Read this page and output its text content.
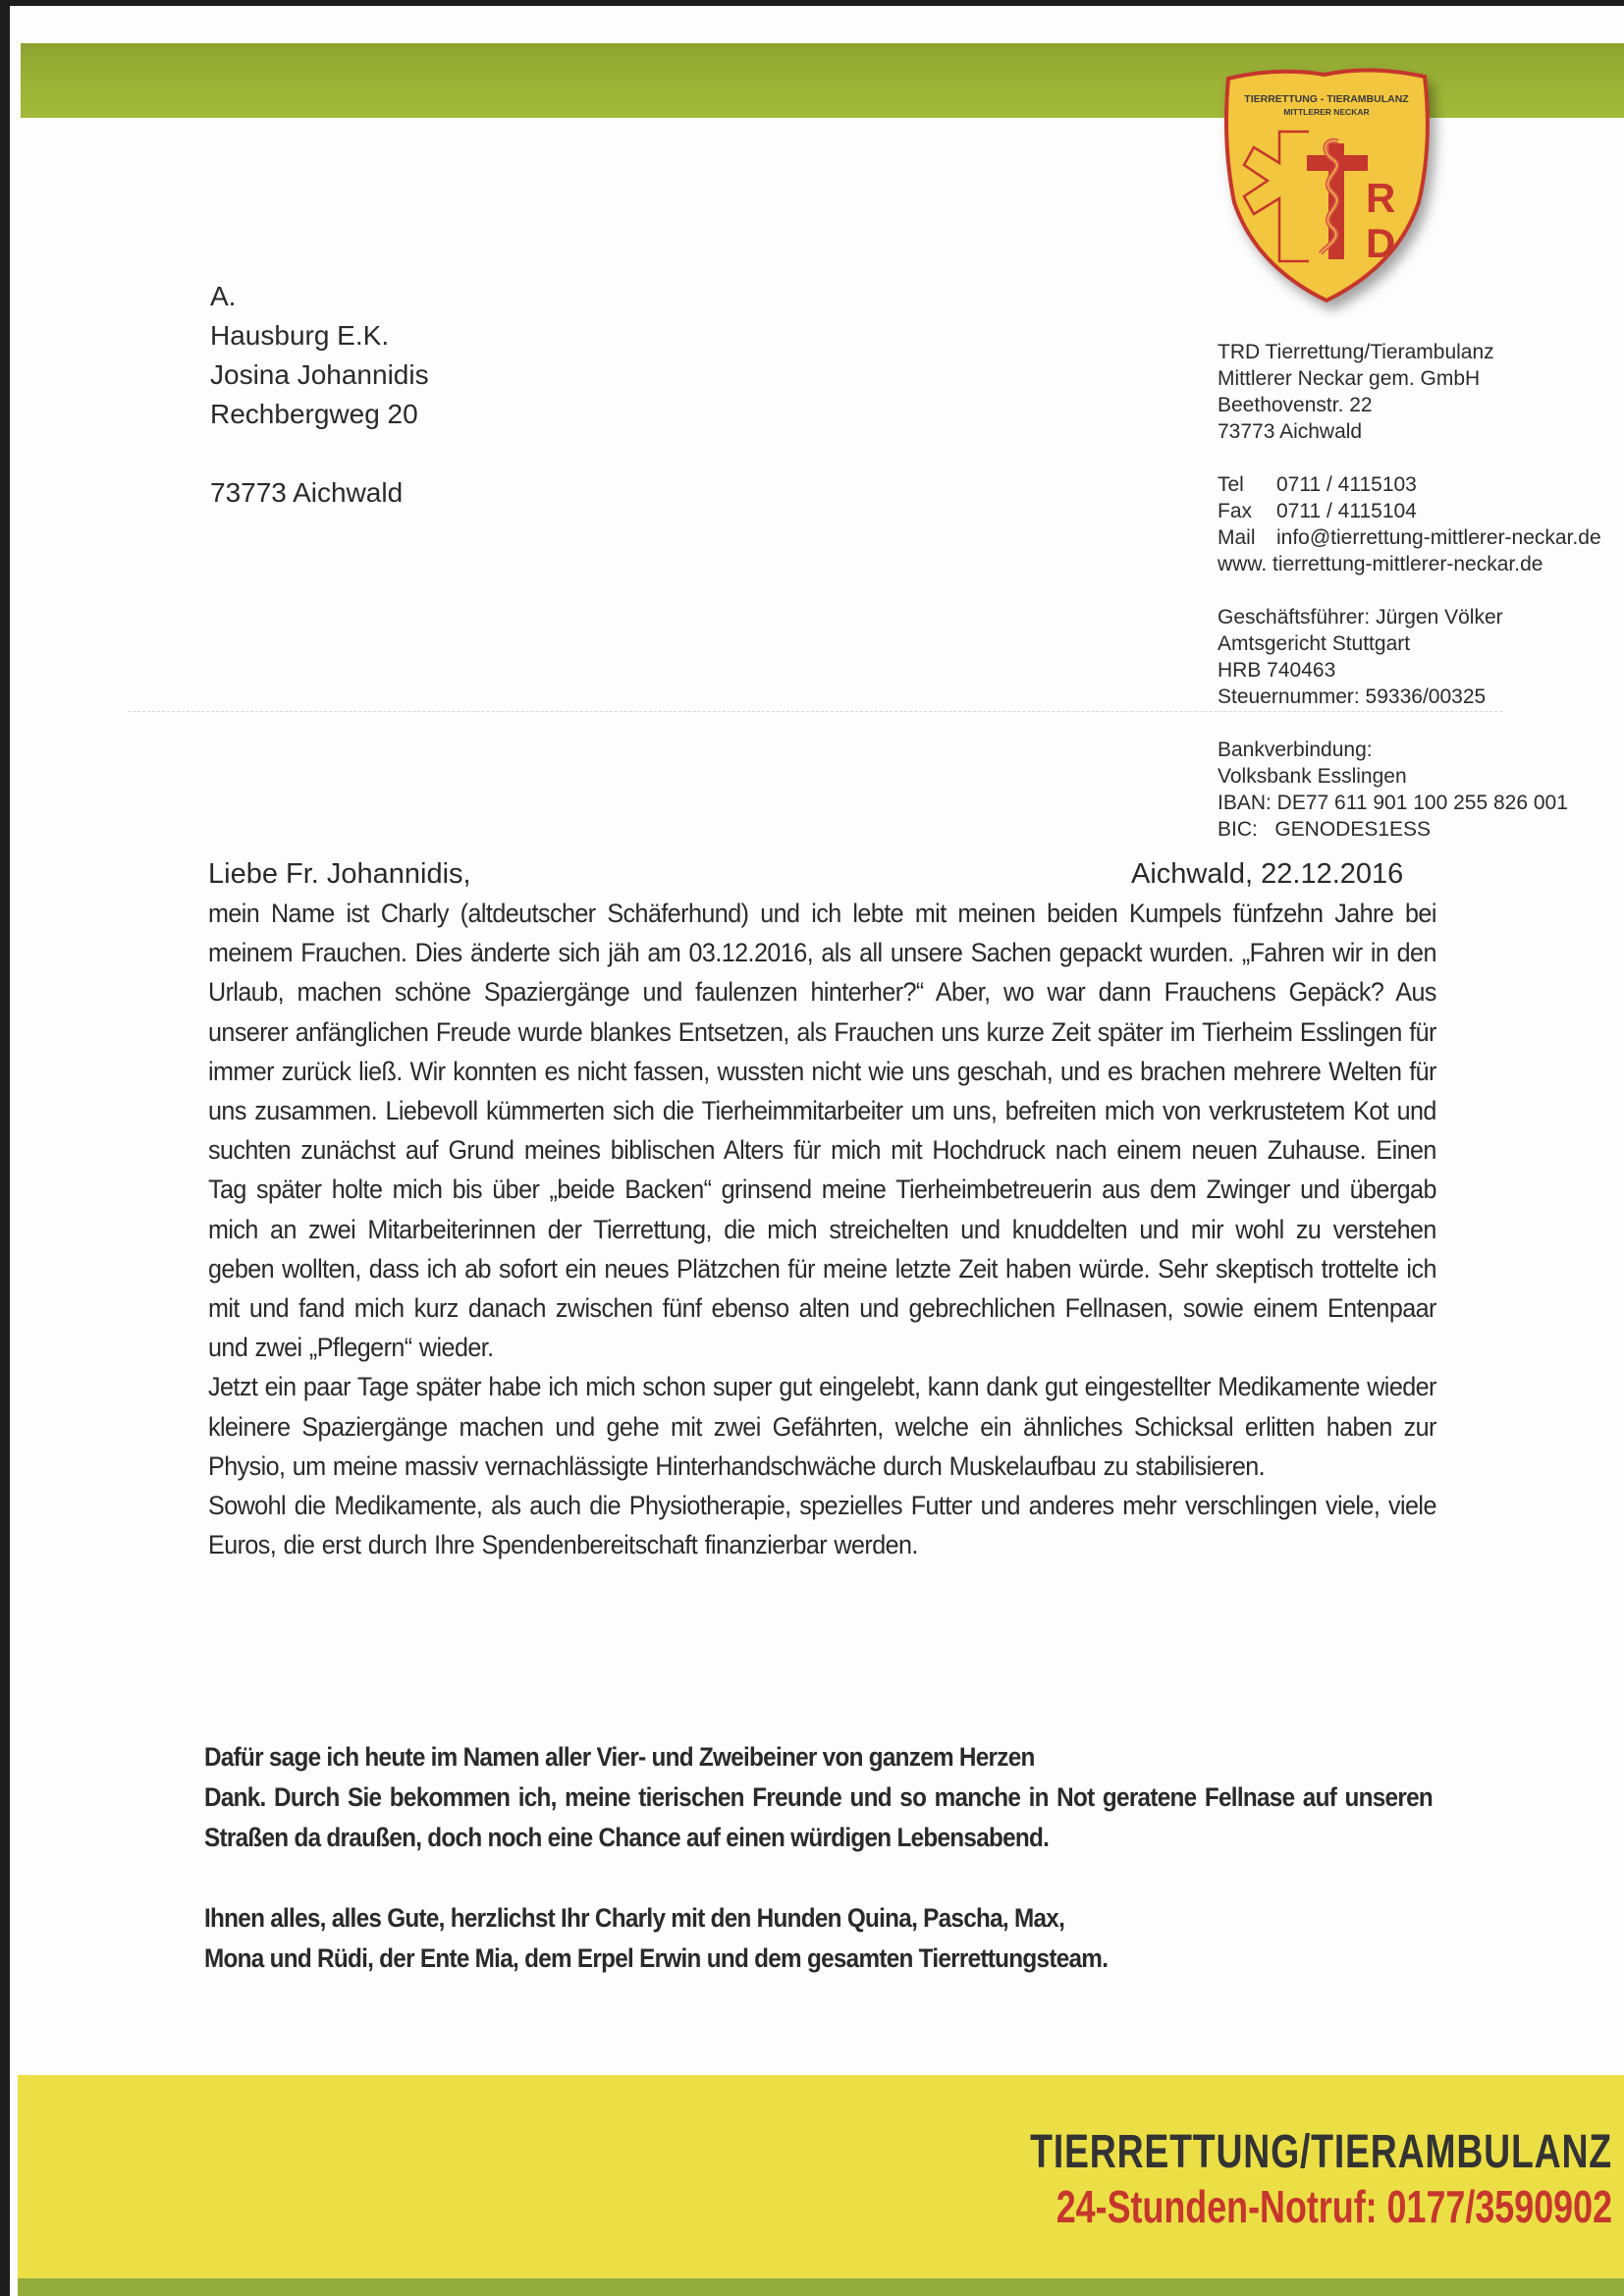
TIERRETTUNG - TIERAMBULANZ
MITTLERER NECKAR
R
D
A.
Hausburg E.K.
Josina Johannidis
Rechbergweg 20
73773 Aichwald
TRD Tierrettung/Tierambulanz
Mittlerer Neckar gem. GmbH
Beethovenstr. 22
73773 Aichwald
Tel	0711 / 4115103
Fax	0711 / 4115104
Mail	info@tierrettung-mittlerer-neckar.de
www. tierrettung-mittlerer-neckar.de
Geschäftsführer: Jürgen Völker
Amtsgericht Stuttgart
HRB 740463
Steuernummer: 59336/00325
Bankverbindung:
Volksbank Esslingen
IBAN: DE77 611 901 100 255 826 001
BIC:   GENODES1ESS
Liebe Fr. Johannidis,	Aichwald, 22.12.2016

mein Name ist Charly (altdeutscher Schäferhund) und ich lebte mit meinen beiden Kumpels fünfzehn Jahre bei meinem Frauchen. Dies änderte sich jäh am 03.12.2016, als all unsere Sachen gepackt wurden. „Fahren wir in den Urlaub, machen schöne Spaziergänge und faulenzen hinterher?“ Aber, wo war dann Frauchens Gepäck? Aus unserer anfänglichen Freude wurde blankes Entsetzen, als Frauchen uns kurze Zeit später im Tierheim Esslingen für immer zurück ließ. Wir konnten es nicht fassen, wussten nicht wie uns geschah, und es brachen mehrere Welten für uns zusammen. Liebevoll kümmerten sich die Tierheimmitarbeiter um uns, befreiten mich von verkrustetem Kot und suchten zunächst auf Grund meines biblischen Alters für mich mit Hochdruck nach einem neuen Zuhause. Einen Tag später holte mich bis über „beide Backen“ grinsend meine Tierheimbetreuerin aus dem Zwinger und übergab mich an zwei Mitarbeiterinnen der Tierrettung, die mich streichelten und knuddelten und mir wohl zu verstehen geben wollten, dass ich ab sofort ein neues Plätzchen für meine letzte Zeit haben würde. Sehr skeptisch trottelte ich mit und fand mich kurz danach zwischen fünf ebenso alten und gebrechlichen Fellnasen, sowie einem Entenpaar und zwei „Pflegern“ wieder.

Jetzt ein paar Tage später habe ich mich schon super gut eingelebt, kann dank gut eingestellter Medikamente wieder kleinere Spaziergänge machen und gehe mit zwei Gefährten, welche ein ähnliches Schicksal erlitten haben zur Physio, um meine massiv vernachlässigte Hinterhandschwäche durch Muskelaufbau zu stabilisieren.

Sowohl die Medikamente, als auch die Physiotherapie, spezielles Futter und anderes mehr verschlingen viele, viele Euros, die erst durch Ihre Spendenbereitschaft finanzierbar werden.

Dafür sage ich heute im Namen aller Vier- und Zweibeiner von ganzem Herzen

Dank. Durch Sie bekommen ich, meine tierischen Freunde und so manche in Not geratene Fellnase auf unseren Straßen da draußen, doch noch eine Chance auf einen würdigen Lebensabend.

Ihnen alles, alles Gute, herzlichst Ihr Charly mit den Hunden Quina, Pascha, Max,
Mona und Rüdi, der Ente Mia, dem Erpel Erwin und dem gesamten Tierrettungsteam.
TIERRETTUNG/TIERAMBULANZ
24-Stunden-Notruf: 0177/3590902
